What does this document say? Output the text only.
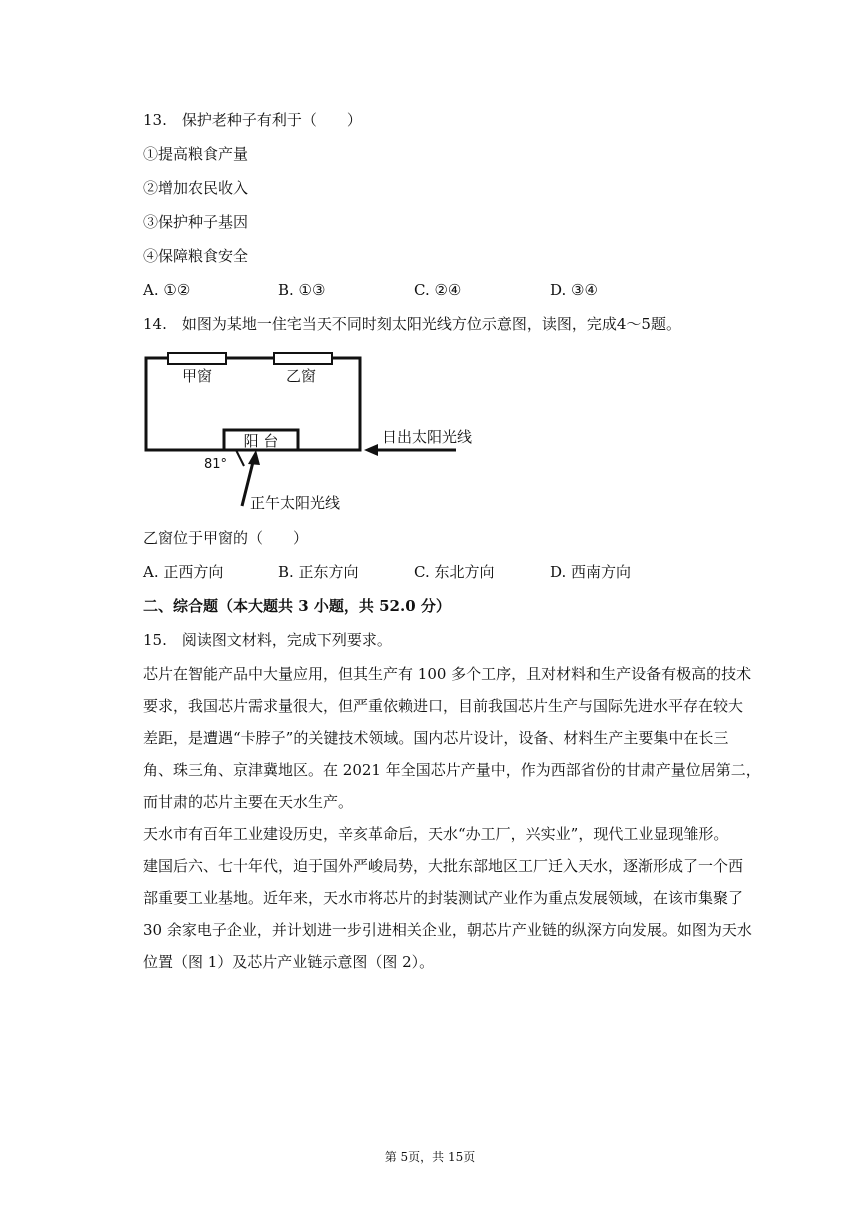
13.　保护老种子有利于（　　）
①提高粮食产量
②增加农民收入
③保护种子基因
④保障粮食安全
A. ①②	B. ①③	C. ②④	D. ③④
14.　如图为某地一住宅当天不同时刻太阳光线方位示意图，读图，完成4～5题。
甲窗	乙窗
阳 台
81°
正午太阳光线
日出太阳光线
乙窗位于甲窗的（　　）
A. 正西方向	B. 正东方向	C. 东北方向	D. 西南方向
二、综合题（本大题共 3 小题，共 52.0 分）
15.　阅读图文材料，完成下列要求。
芯片在智能产品中大量应用，但其生产有 100 多个工序，且对材料和生产设备有极高的技术
要求，我国芯片需求量很大，但严重依赖进口，目前我国芯片生产与国际先进水平存在较大
差距，是遭遇“卡脖子”的关键技术领域。国内芯片设计，设备、材料生产主要集中在长三
角、珠三角、京津冀地区。在 2021 年全国芯片产量中，作为西部省份的甘肃产量位居第二，
而甘肃的芯片主要在天水生产。
天水市有百年工业建设历史，辛亥革命后，天水“办工厂，兴实业”，现代工业显现雏形。
建国后六、七十年代，迫于国外严峻局势，大批东部地区工厂迁入天水，逐渐形成了一个西
部重要工业基地。近年来，天水市将芯片的封装测试产业作为重点发展领域，在该市集聚了
30 余家电子企业，并计划进一步引进相关企业，朝芯片产业链的纵深方向发展。如图为天水
位置（图 1）及芯片产业链示意图（图 2）。
第 5页，共 15页
